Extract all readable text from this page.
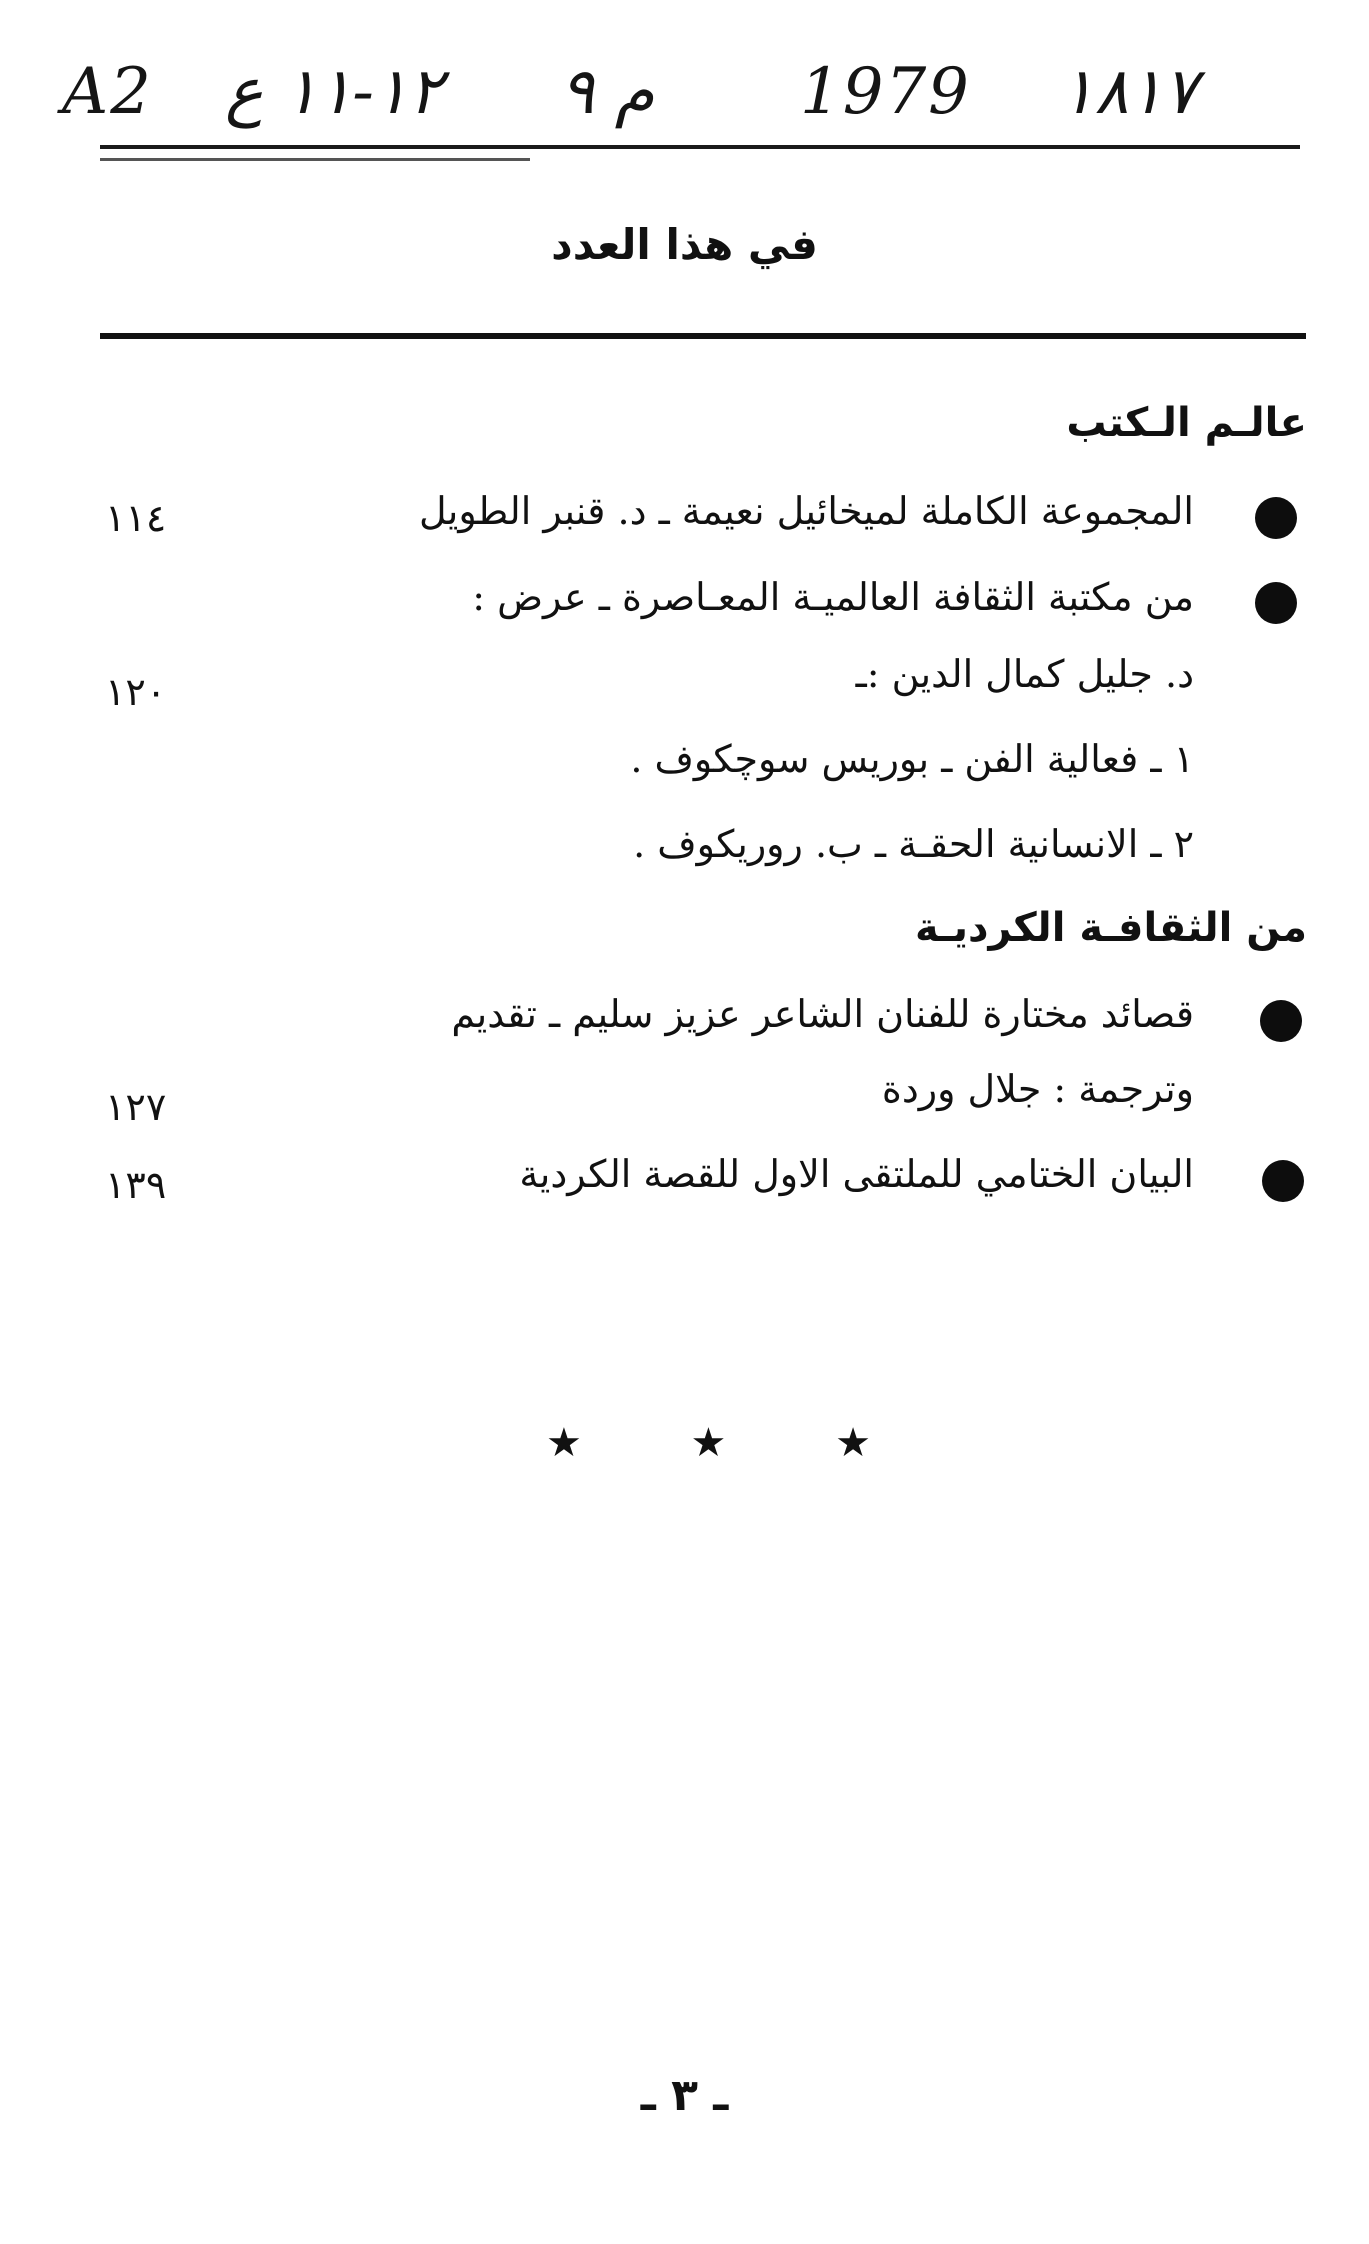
A2 ١٢-١١ ع م ٩ 1979 ١٨١٧
في هذا العدد
عالـم الـكتب
المجموعة الكاملة لميخائيل نعيمة ـ د. قنبر الطويل
١١٤
من مكتبة الثقافة العالميـة المعـاصرة ـ عرض :
د. جليل كمال الدين :ـ
١٢٠
١ ـ فعالية الفن ـ بوريس سوچكوف .
٢ ـ الانسانية الحقـة ـ ب. روريكوف .
من الثقافـة الكرديـة
قصائد مختارة للفنان الشاعر عزيز سليم ـ تقديم
وترجمة : جلال وردة
١٢٧
البيان الختامي للملتقى الاول للقصة الكردية
١٣٩
★ ★ ★
ـ ٣ ـ
